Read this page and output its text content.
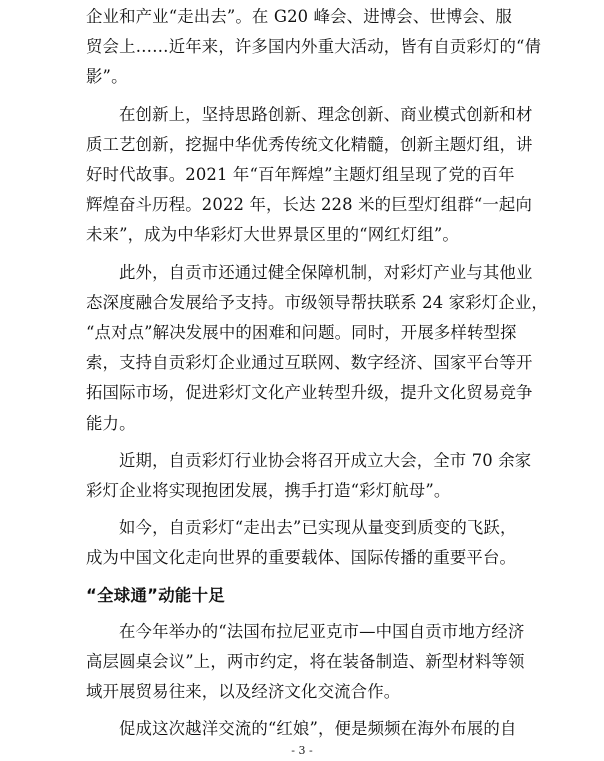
企业和产业“走出去”。在 G20 峰会、进博会、世博会、服
贸会上……近年来，许多国内外重大活动，皆有自贡彩灯的“倩
影”。

在创新上，坚持思路创新、理念创新、商业模式创新和材
质工艺创新，挖掘中华优秀传统文化精髓，创新主题灯组，讲
好时代故事。2021 年“百年辉煌”主题灯组呈现了党的百年
辉煌奋斗历程。2022 年，长达 228 米的巨型灯组群“一起向
未来”，成为中华彩灯大世界景区里的“网红灯组”。

此外，自贡市还通过健全保障机制，对彩灯产业与其他业
态深度融合发展给予支持。市级领导帮扶联系 24 家彩灯企业，
“点对点”解决发展中的困难和问题。同时，开展多样转型探
索，支持自贡彩灯企业通过互联网、数字经济、国家平台等开
拓国际市场，促进彩灯文化产业转型升级，提升文化贸易竞争
能力。

近期，自贡彩灯行业协会将召开成立大会，全市 70 余家
彩灯企业将实现抱团发展，携手打造“彩灯航母”。

如今，自贡彩灯“走出去”已实现从量变到质变的飞跃，
成为中国文化走向世界的重要载体、国际传播的重要平台。

“全球通”动能十足

在今年举办的“法国布拉尼亚克市—中国自贡市地方经济
高层圆桌会议”上，两市约定，将在装备制造、新型材料等领
域开展贸易往来，以及经济文化交流合作。

促成这次越洋交流的“红娘”，便是频频在海外布展的自

- 3 -
